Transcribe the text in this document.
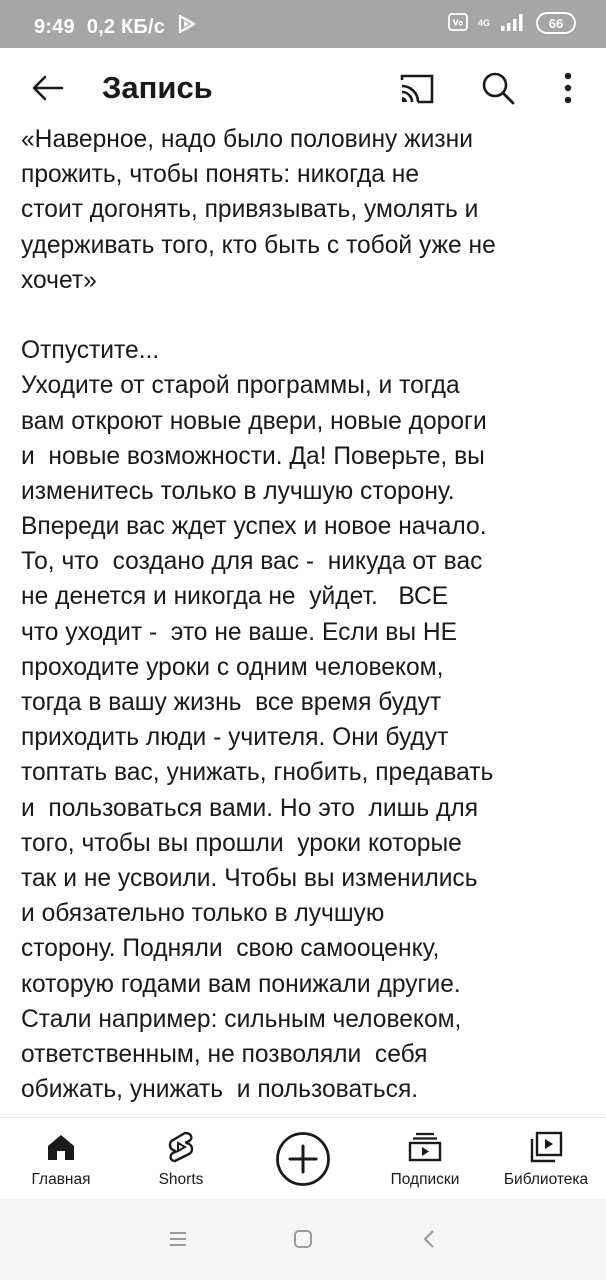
9:49 0,2 КБ/с	Vo 4G	66
Запись
«Наверное, надо было половину жизни
прожить, чтобы понять: никогда не
стоит догонять, привязывать, умолять и
удерживать того, кто быть с тобой уже не
хочет»
Отпустите...
Уходите от старой программы, и тогда
вам откроют новые двери, новые дороги
и  новые возможности. Да! Поверьте, вы
изменитесь только в лучшую сторону.
Впереди вас ждет успех и новое начало.
То, что  создано для вас -  никуда от вас
не денется и никогда не  уйдет.   ВСЕ
что уходит -  это не ваше. Если вы НЕ
проходите уроки с одним человеком,
тогда в вашу жизнь  все время будут
приходить люди - учителя. Они будут
топтать вас, унижать, гнобить, предавать
и  пользоваться вами. Но это  лишь для
того, чтобы вы прошли  уроки которые
так и не усвоили. Чтобы вы изменились
и обязательно только в лучшую
сторону. Подняли  свою самооценку,
которую годами вам понижали другие.
Стали например: сильным человеком,
ответственным, не позволяли  себя
обижать, унижать  и пользоваться.
Главная	Shorts	Подписки	Библиотека
